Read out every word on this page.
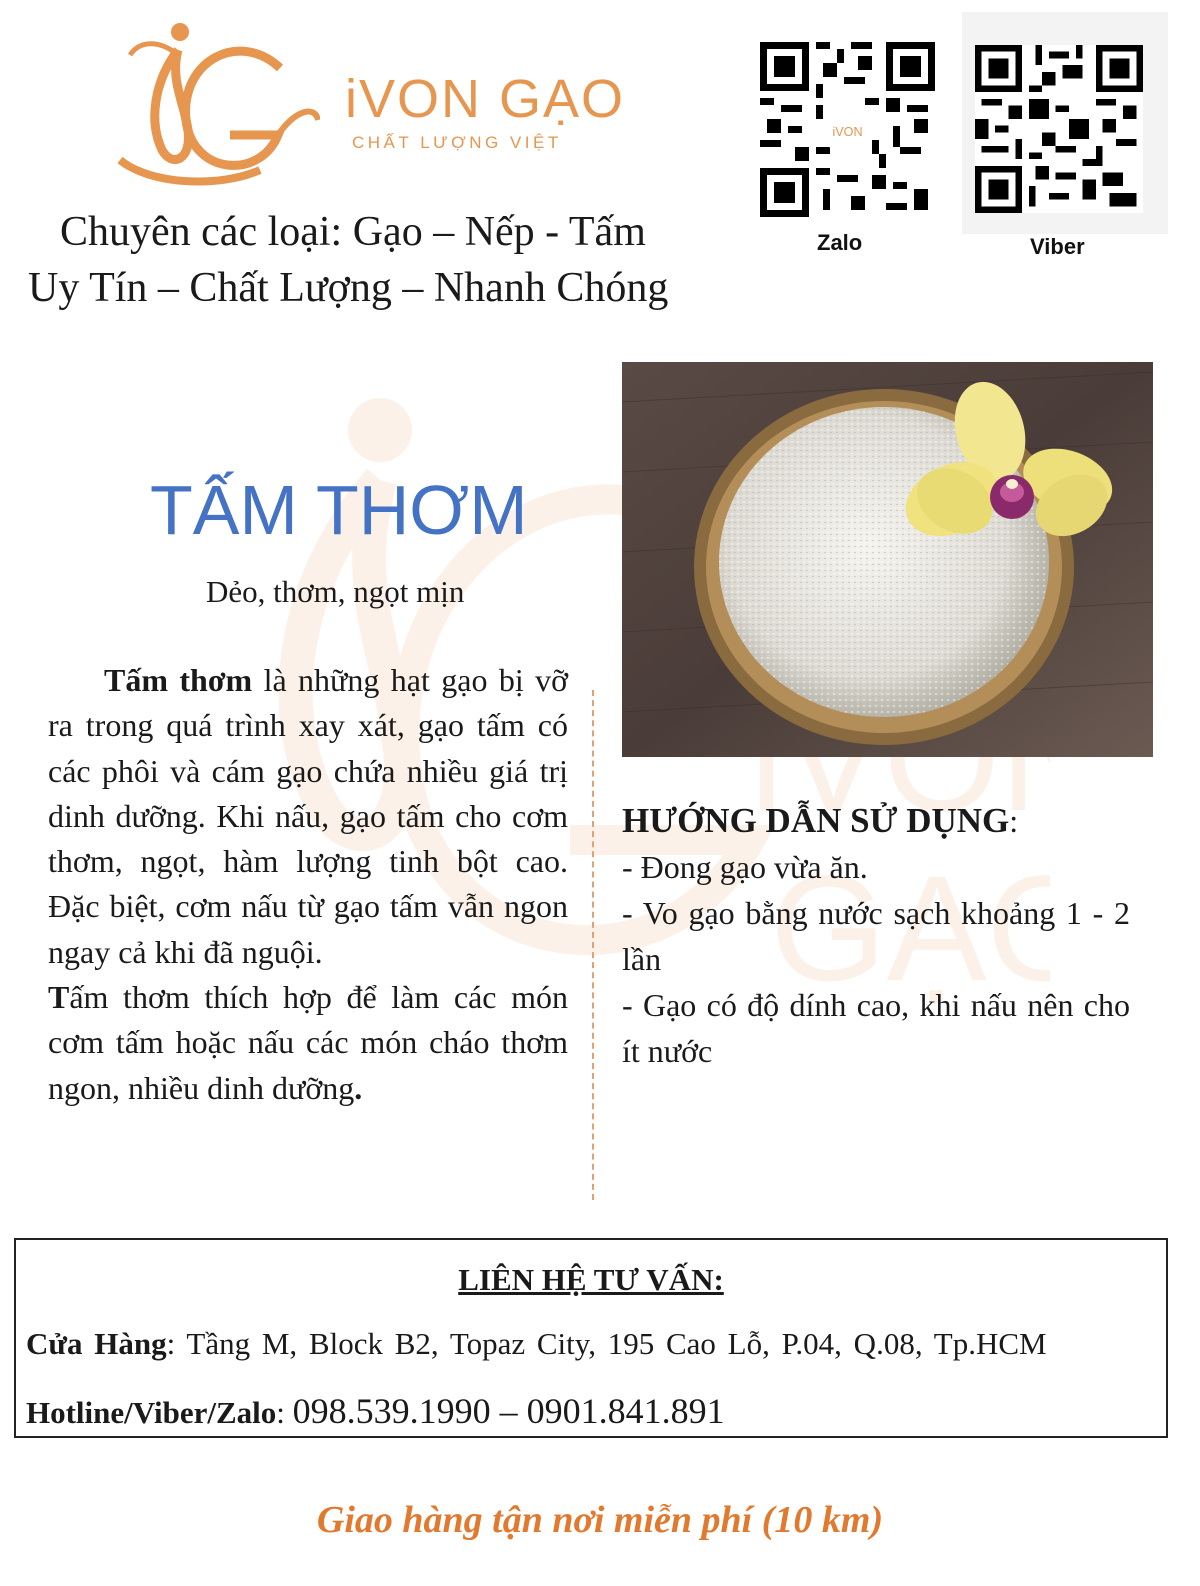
iVO
GẠO
iVON GẠO
CHẤT LƯỢNG VIỆT
Chuyên các loại: Gạo – Nếp - Tấm
Uy Tín – Chất Lượng – Nhanh Chóng
iVON
Zalo	Viber
TẤM THƠM
Dẻo, thơm, ngọt mịn

Tấm thơm là những hạt gạo bị vỡ ra trong quá trình xay xát, gạo tấm có các phôi và cám gạo chứa nhiều giá trị dinh dưỡng. Khi nấu, gạo tấm cho cơm thơm, ngọt, hàm lượng tinh bột cao. Đặc biệt, cơm nấu từ gạo tấm vẫn ngon ngay cả khi đã nguội.

Tấm thơm thích hợp để làm các món cơm tấm hoặc nấu các món cháo thơm ngon, nhiều dinh dưỡng.

HƯỚNG DẪN SỬ DỤNG:
- Đong gạo vừa ăn.
- Vo gạo bằng nước sạch khoảng 1 - 2 lần
- Gạo có độ dính cao, khi nấu nên cho ít nước
LIÊN HỆ TƯ VẤN:
Cửa Hàng: Tầng M, Block B2, Topaz City, 195 Cao Lỗ, P.04, Q.08, Tp.HCM
Hotline/Viber/Zalo: 098.539.1990 – 0901.841.891
Giao hàng tận nơi miễn phí (10 km)
